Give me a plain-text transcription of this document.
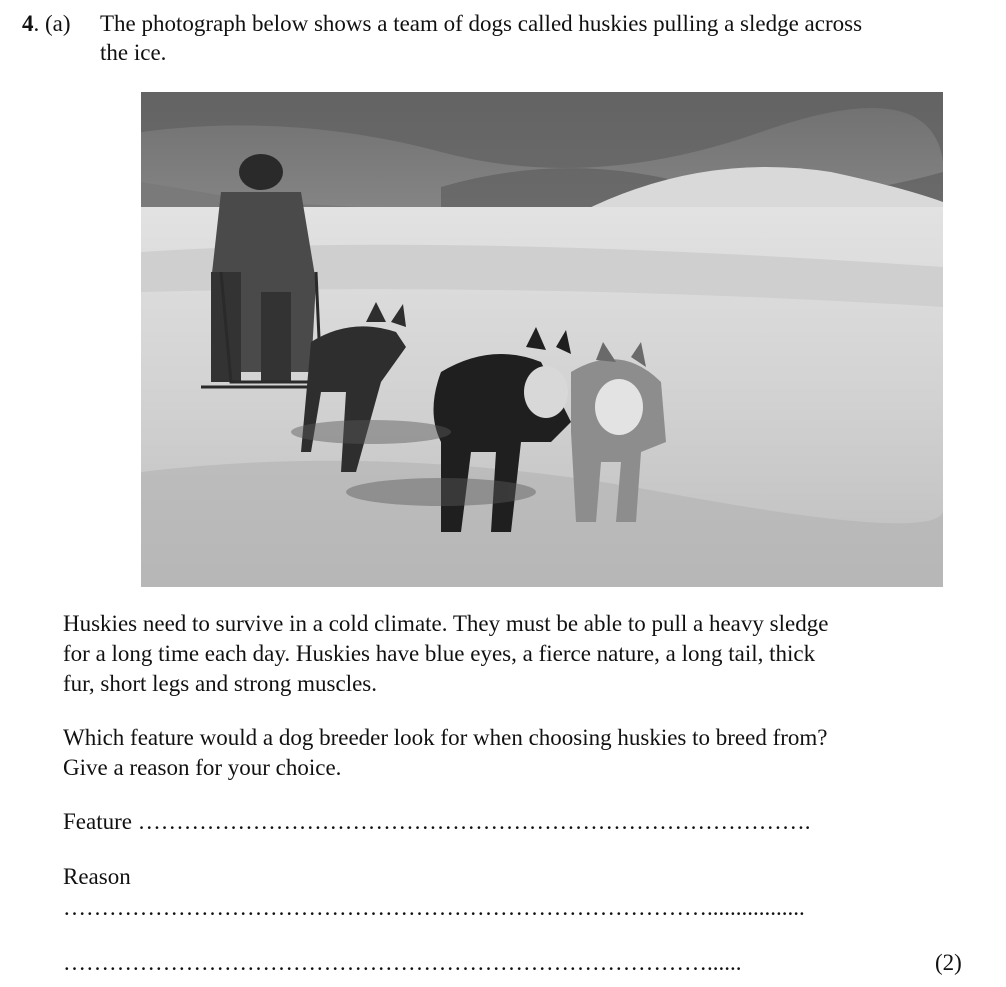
4. (a) The photograph below shows a team of dogs called huskies pulling a sledge across
the ice.
Huskies need to survive in a cold climate. They must be able to pull a heavy sledge
for a long time each day. Huskies have blue eyes, a fierce nature, a long tail, thick
fur, short legs and strong muscles.
Which feature would a dog breeder look for when choosing huskies to breed from?
Give a reason for your choice.
Feature …………………………………………………………………………….
Reason
………………………………………………………………………….................
…………………………………………………………………………......	(2)
